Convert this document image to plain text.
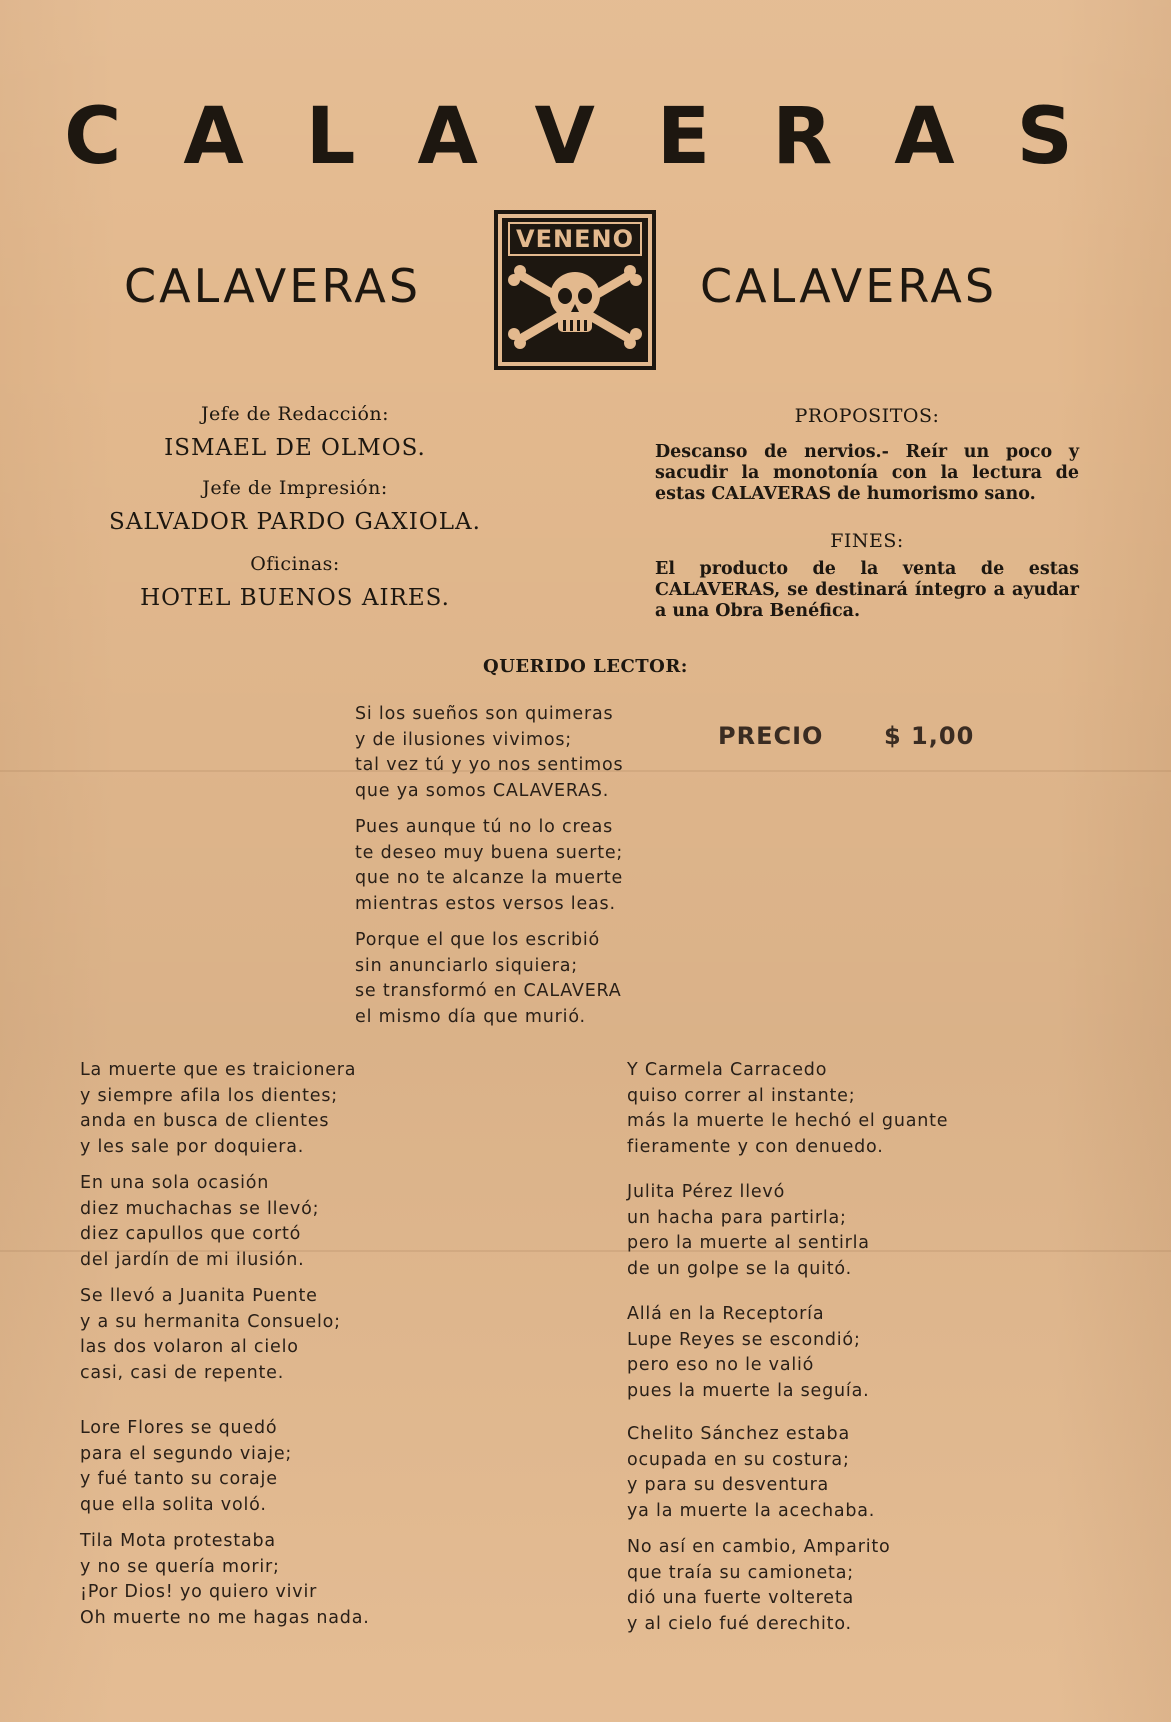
CALAVERAS
CALAVERAS	CALAVERAS
VENENO
Jefe de Redacción:
ISMAEL DE OLMOS.
Jefe de Impresión:
SALVADOR PARDO GAXIOLA.
Oficinas:
HOTEL BUENOS AIRES.
PROPOSITOS:
Descanso de nervios.- Reír un poco y sacudir la monotonía con la lectura de estas CALAVERAS de humorismo sano.
FINES:
El producto de la venta de estas CALAVERAS, se destinará íntegro a ayudar a una Obra Benéfica.
QUERIDO LECTOR:
Si los sueños son quimeras
y de ilusiones vivimos;
tal vez tú y yo nos sentimos
que ya somos CALAVERAS.
Pues aunque tú no lo creas
te deseo muy buena suerte;
que no te alcanze la muerte
mientras estos versos leas.
Porque el que los escribió
sin anunciarlo siquiera;
se transformó en CALAVERA
el mismo día que murió.
PRECIO	$ 1,00
La muerte que es traicionera
y siempre afila los dientes;
anda en busca de clientes
y les sale por doquiera.
En una sola ocasión
diez muchachas se llevó;
diez capullos que cortó
del jardín de mi ilusión.
Se llevó a Juanita Puente
y a su hermanita Consuelo;
las dos volaron al cielo
casi, casi de repente.
Lore Flores se quedó
para el segundo viaje;
y fué tanto su coraje
que ella solita voló.
Tila Mota protestaba
y no se quería morir;
¡Por Dios! yo quiero vivir
Oh muerte no me hagas nada.
Y Carmela Carracedo
quiso correr al instante;
más la muerte le hechó el guante
fieramente y con denuedo.
Julita Pérez llevó
un hacha para partirla;
pero la muerte al sentirla
de un golpe se la quitó.
Allá en la Receptoría
Lupe Reyes se escondió;
pero eso no le valió
pues la muerte la seguía.
Chelito Sánchez estaba
ocupada en su costura;
y para su desventura
ya la muerte la acechaba.
No así en cambio, Amparito
que traía su camioneta;
dió una fuerte voltereta
y al cielo fué derechito.
